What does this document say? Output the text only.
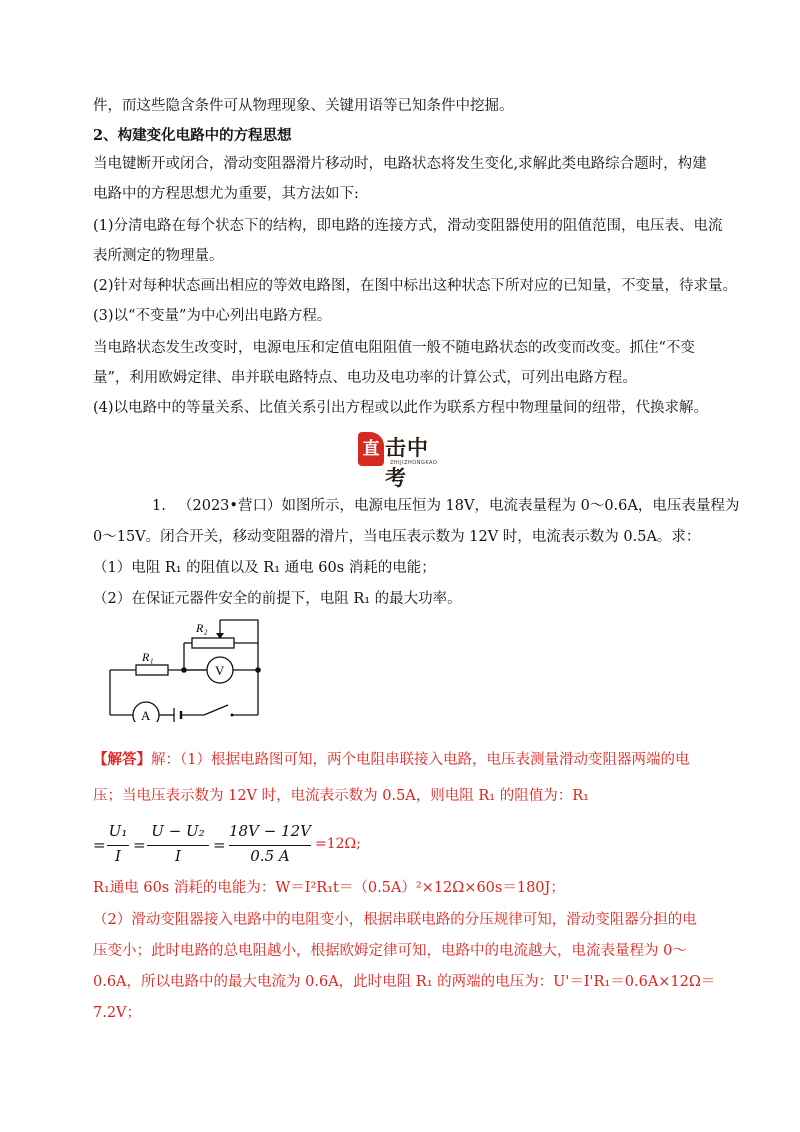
件，而这些隐含条件可从物理现象、关键用语等已知条件中挖掘。
2、构建变化电路中的方程思想
当电键断开或闭合，滑动变阻器滑片移动时，电路状态将发生变化,求解此类电路综合题时，构建
电路中的方程思想尤为重要，其方法如下:
(1)分清电路在每个状态下的结构，即电路的连接方式，滑动变阻器使用的阻值范围，电压表、电流
表所测定的物理量。
(2)针对每种状态画出相应的等效电路图，在图中标出这种状态下所对应的已知量，不变量，待求量。
(3)以“不变量”为中心列出电路方程。
当电路状态发生改变时，电源电压和定值电阻阻值一般不随电路状态的改变而改变。抓住“不变
量”，利用欧姆定律、串并联电路特点、电功及电功率的计算公式，可列出电路方程。
(4)以电路中的等量关系、比值关系引出方程或以此作为联系方程中物理量间的纽带，代换求解。
直 击中考
ZHIJIZHONGKAO
1. （2023•营口）如图所示，电源电压恒为 18V，电流表量程为 0～0.6A，电压表量程为
0～15V。闭合开关，移动变阻器的滑片，当电压表示数为 12V 时，电流表示数为 0.5A。求：
（1）电阻 R₁ 的阻值以及 R₁ 通电 60s 消耗的电能；
（2）在保证元器件安全的前提下，电阻 R₁ 的最大功率。
R₁
R₂
V
A
【解答】解：（1）根据电路图可知，两个电阻串联接入电路，电压表测量滑动变阻器两端的电
压；当电压表示数为 12V 时，电流表示数为 0.5A，则电阻 R₁ 的阻值为：R₁
=
U₁
I
=
U − U₂
I
=
18V − 12V
0.5 A
=12Ω;
R₁通电 60s 消耗的电能为：W＝I²R₁t＝（0.5A）²×12Ω×60s＝180J；
（2）滑动变阻器接入电路中的电阻变小，根据串联电路的分压规律可知，滑动变阻器分担的电
压变小；此时电路的总电阻越小，根据欧姆定律可知，电路中的电流越大，电流表量程为 0～
0.6A，所以电路中的最大电流为 0.6A，此时电阻 R₁ 的两端的电压为：U'＝I'R₁＝0.6A×12Ω＝
7.2V；
